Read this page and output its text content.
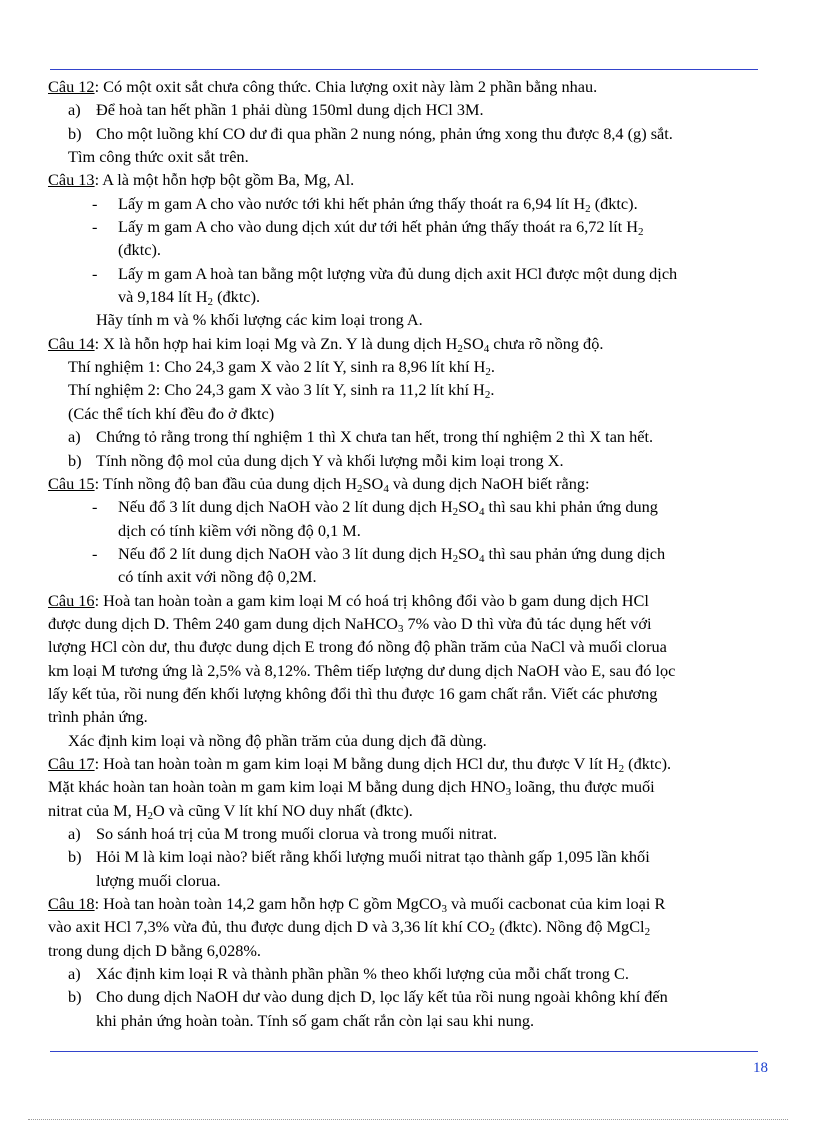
Câu 12: Có một oxit sắt chưa công thức. Chia lượng oxit này làm 2 phần bằng nhau.
a) Để hoà tan hết phần 1 phải dùng 150ml dung dịch HCl 3M.
b) Cho một luồng khí CO dư đi qua phần 2 nung nóng, phản ứng xong thu được 8,4 (g) sắt.
Tìm công thức oxit sắt trên.
Câu 13: A là một hỗn hợp bột gồm Ba, Mg, Al.
- Lấy m gam A cho vào nước tới khi hết phản ứng thấy thoát ra 6,94 lít $H_2$ (đktc).
- Lấy m gam A cho vào dung dịch xút dư tới hết phản ứng thấy thoát ra 6,72 lít $H_2$
(đktc).
- Lấy m gam A hoà tan bằng một lượng vừa đủ dung dịch axit HCl được một dung dịch
và 9,184 lít $H_2$ (đktc).
Hãy tính m và % khối lượng các kim loại trong A.
Câu 14: X là hỗn hợp hai kim loại Mg và Zn. Y là dung dịch $H_2SO_4$ chưa rõ nồng độ.
Thí nghiệm 1: Cho 24,3 gam X vào 2 lít Y, sinh ra 8,96 lít khí $H_2$.
Thí nghiệm 2: Cho 24,3 gam X vào 3 lít Y, sinh ra 11,2 lít khí $H_2$.
(Các thể tích khí đều đo ở đktc)
a) Chứng tỏ rằng trong thí nghiệm 1 thì X chưa tan hết, trong thí nghiệm 2 thì X tan hết.
b) Tính nồng độ mol của dung dịch Y và khối lượng mỗi kim loại trong X.
Câu 15: Tính nồng độ ban đầu của dung dịch $H_2SO_4$ và dung dịch NaOH biết rằng:
- Nếu đổ 3 lít dung dịch NaOH vào 2 lít dung dịch $H_2SO_4$ thì sau khi phản ứng dung
dịch có tính kiềm với nồng độ 0,1 M.
- Nếu đổ 2 lít dung dịch NaOH vào 3 lít dung dịch $H_2SO_4$ thì sau phản ứng dung dịch
có tính axit với nồng độ 0,2M.
Câu 16: Hoà tan hoàn toàn a gam kim loại M có hoá trị không đổi vào b gam dung dịch HCl
được dung dịch D. Thêm 240 gam dung dịch NaHCO$_3$ 7% vào D thì vừa đủ tác dụng hết với
lượng HCl còn dư, thu được dung dịch E trong đó nồng độ phần trăm của NaCl và muối clorua
km loại M tương ứng là 2,5% và 8,12%. Thêm tiếp lượng dư dung dịch NaOH vào E, sau đó lọc
lấy kết tủa, rồi nung đến khối lượng không đổi thì thu được 16 gam chất rắn. Viết các phương
trình phản ứng.
Xác định kim loại và nồng độ phần trăm của dung dịch đã dùng.
Câu 17: Hoà tan hoàn toàn m gam kim loại M bằng dung dịch HCl dư, thu được V lít $H_2$ (đktc).
Mặt khác hoàn tan hoàn toàn m gam kim loại M bằng dung dịch $HNO_3$ loãng, thu được muối
nitrat của M, $H_2O$ và cũng V lít khí NO duy nhất (đktc).
a) So sánh hoá trị của M trong muối clorua và trong muối nitrat.
b) Hỏi M là kim loại nào? biết rằng khối lượng muối nitrat tạo thành gấp 1,095 lần khối
lượng muối clorua.
Câu 18: Hoà tan hoàn toàn 14,2 gam hỗn hợp C gồm MgCO$_3$ và muối cacbonat của kim loại R
vào axit HCl 7,3% vừa đủ, thu được dung dịch D và 3,36 lít khí $CO_2$ (đktc). Nồng độ MgCl$_2$
trong dung dịch D bằng 6,028%.
a) Xác định kim loại R và thành phần phần % theo khối lượng của mỗi chất trong C.
b) Cho dung dịch NaOH dư vào dung dịch D, lọc lấy kết tủa rồi nung ngoài không khí đến
khi phản ứng hoàn toàn. Tính số gam chất rắn còn lại sau khi nung.
18
